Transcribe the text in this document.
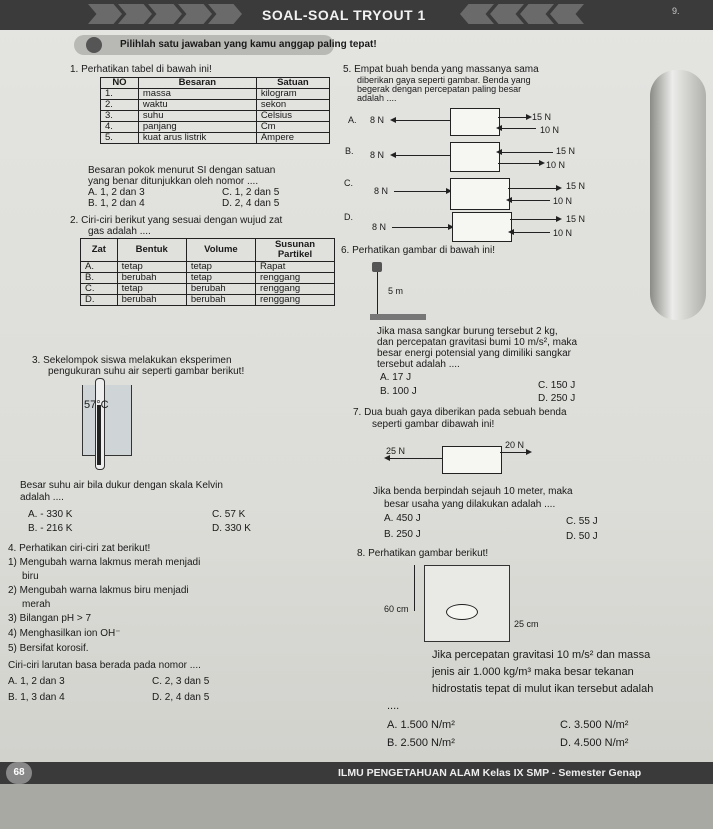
SOAL-SOAL TRYOUT 1	9.
Pilihlah satu jawaban yang kamu anggap paling tepat!
1. Perhatikan tabel di bawah ini!
NO	Besaran	Satuan
1.	massa	kilogram
2.	waktu	sekon
3.	suhu	Celsius
4.	panjang	Cm
5.	kuat arus listrik	Ampere
Besaran pokok menurut SI dengan satuan
yang benar ditunjukkan oleh nomor ....
A. 1, 2 dan 3	C. 1, 2 dan 5
B. 1, 2 dan 4	D. 2, 4 dan 5
2. Ciri-ciri berikut yang sesuai dengan wujud zat
gas adalah ....
Zat	Bentuk	Volume	Susunan Partikel
A.	tetap	tetap	Rapat
B.	berubah	tetap	renggang
C.	tetap	berubah	renggang
D.	berubah	berubah	renggang
3. Sekelompok siswa melakukan eksperimen
pengukuran suhu air seperti gambar berikut!
57°C
Besar suhu air bila dukur dengan skala Kelvin
adalah ....
A. - 330 K	C. 57 K
B. - 216 K	D. 330 K
4. Perhatikan ciri-ciri zat berikut!
1) Mengubah warna lakmus merah menjadi
biru
2) Mengubah warna lakmus biru menjadi
merah
3) Bilangan pH > 7
4) Menghasilkan ion OH⁻
5) Bersifat korosif.
Ciri-ciri larutan basa berada pada nomor ....
A. 1, 2 dan 3	C. 2, 3 dan 5
B. 1, 3 dan 4	D. 2, 4 dan 5
5. Empat buah benda yang massanya sama
diberikan gaya seperti gambar. Benda yang
begerak dengan percepatan paling besar
adalah ....
A. 8 N	15 N
10 N
B. 8 N	15 N
10 N
C.
8 N	15 N
10 N
D.
8 N
15 N
10 N
6. Perhatikan gambar di bawah ini!
5 m
Jika masa sangkar burung tersebut 2 kg,
dan percepatan gravitasi bumi 10 m/s², maka
besar energi potensial yang dimiliki sangkar
tersebut adalah ....
A. 17 J
C. 150 J
B. 100 J
D. 250 J
7. Dua buah gaya diberikan pada sebuah benda
seperti gambar dibawah ini!
25 N
20 N
Jika benda berpindah sejauh 10 meter, maka
besar usaha yang dilakukan adalah ....
A. 450 J	C. 55 J
B. 250 J	D. 50 J
8. Perhatikan gambar berikut!
60 cm
25 cm
Jika percepatan gravitasi 10 m/s² dan massa
jenis air 1.000 kg/m³ maka besar tekanan
hidrostatis tepat di mulut ikan tersebut adalah
....
A. 1.500 N/m²	C. 3.500 N/m²
B. 2.500 N/m²	D. 4.500 N/m²
68	ILMU PENGETAHUAN ALAM Kelas IX SMP - Semester Genap
